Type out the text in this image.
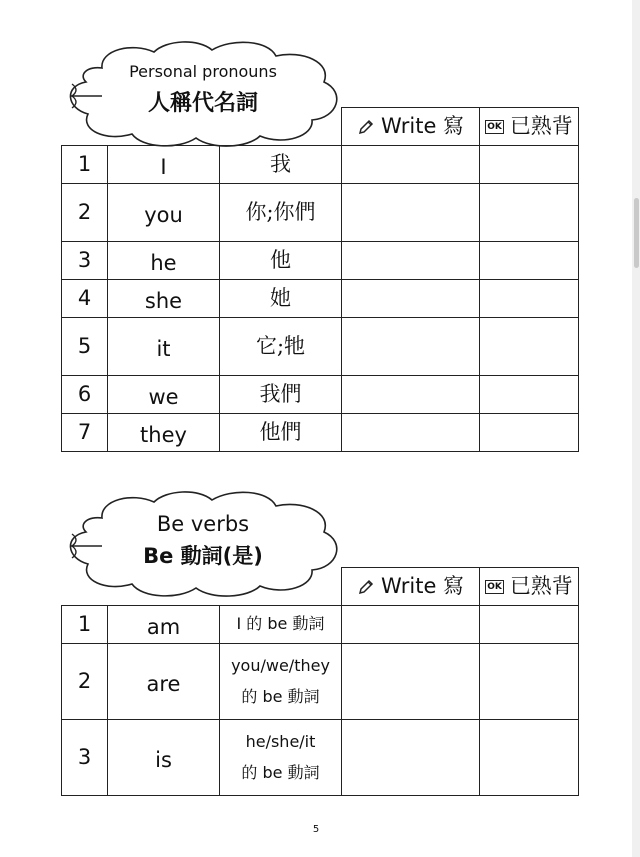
Personal pronouns
人稱代名詞

			Write 寫	OK 已熟背

1	I	我		
2	you	你;你們		
3	he	他		
4	she	她		
5	it	它;牠		
6	we	我們		
7	they	他們		
Be verbs
Be 動詞(是)

			Write 寫	OK 已熟背

1	am	I 的 be 動詞		

2	are	you/we/they
的 be 動詞		

3	is	he/she/it
的 be 動詞		

5
